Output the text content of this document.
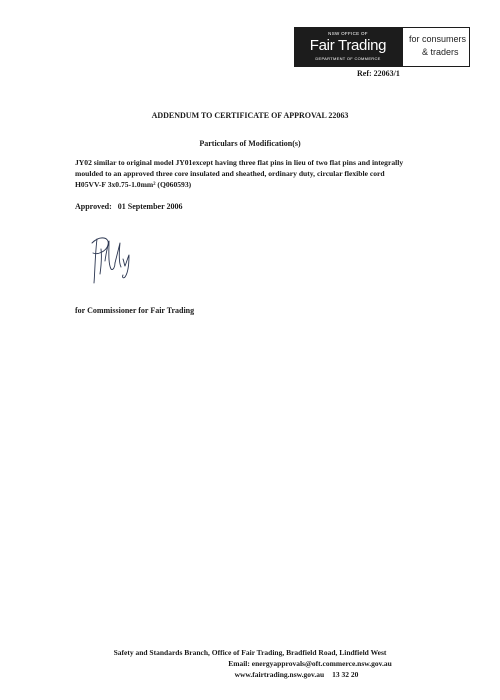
NSW OFFICE OF
Fair Trading
DEPARTMENT OF COMMERCE
for consumers
& traders
Ref: 22063/1
ADDENDUM TO CERTIFICATE OF APPROVAL 22063
Particulars of Modification(s)
JY02 similar to original model JY01except having three flat pins in lieu of two flat pins and integrally
moulded to an approved three core insulated and sheathed, ordinary duty, circular flexible cord
H05VV-F 3x0.75-1.0mm² (Q060593)
Approved: 01 September 2006
for Commissioner for Fair Trading
Safety and Standards Branch, Office of Fair Trading, Bradfield Road, Lindfield West
Email: energyapprovals@oft.commerce.nsw.gov.au
www.fairtrading.nsw.gov.au 13 32 20
